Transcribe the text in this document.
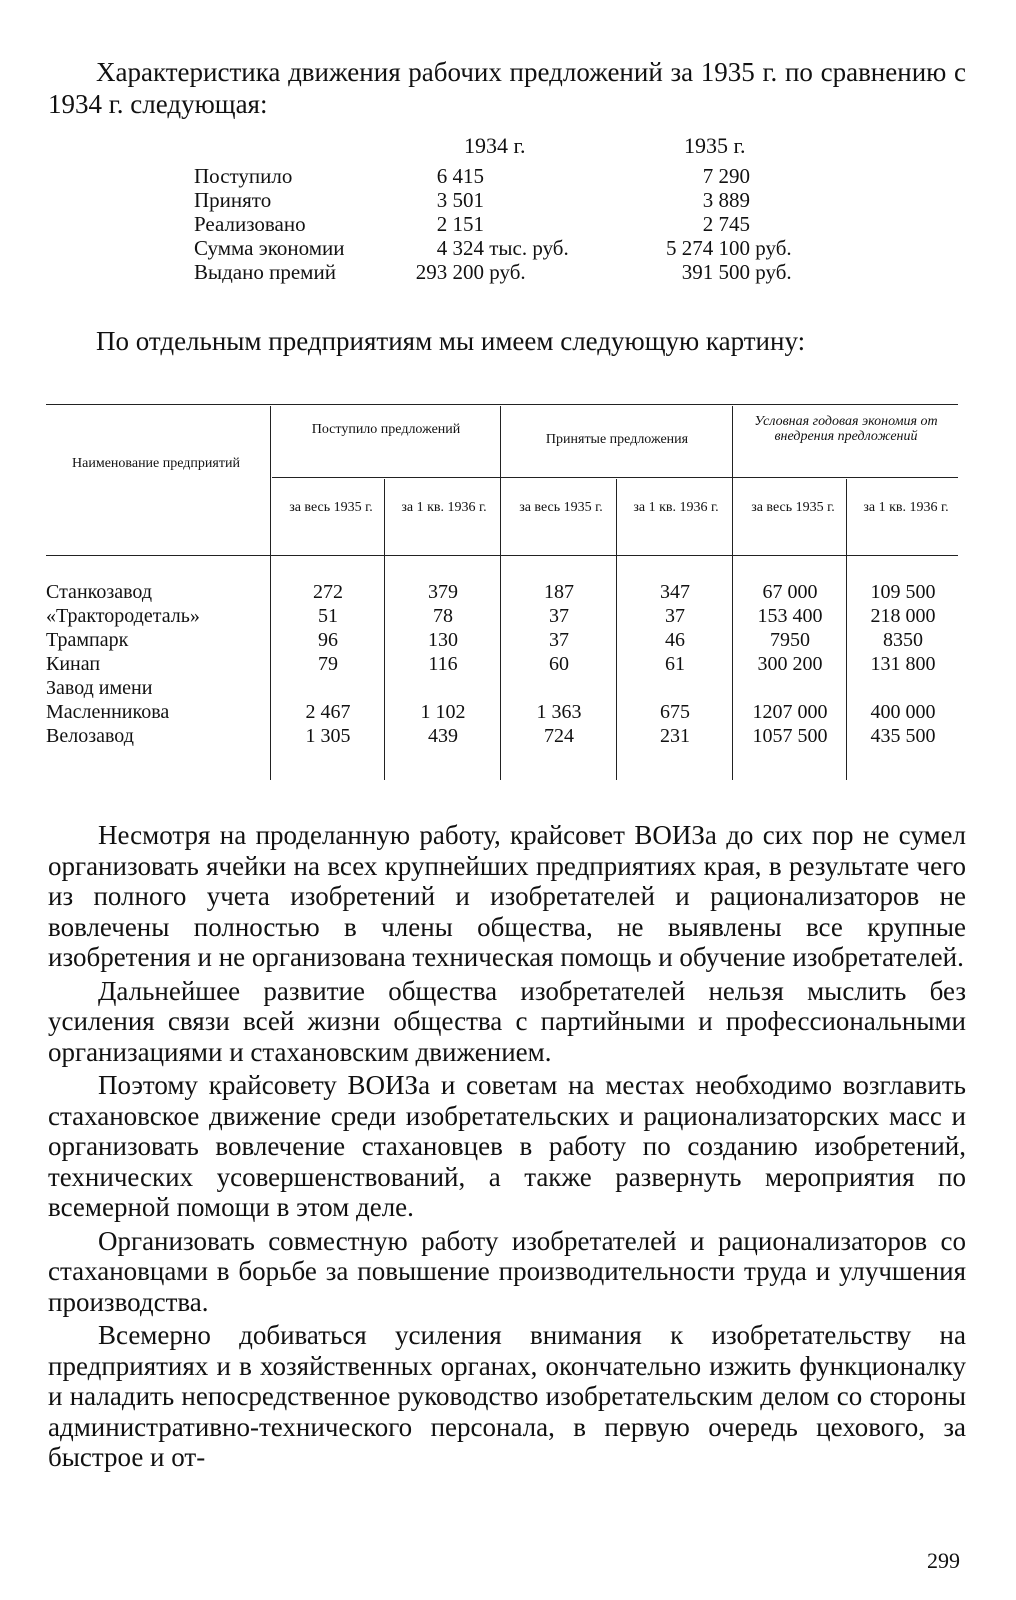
Характеристика движения рабочих предложений за 1935 г. по сравнению с 1934 г. следующая:

1934 г.	1935 г.
Поступило	6 415	7 290
Принято	3 501	3 889
Реализовано	2 151	2 745
Сумма экономии	4 324 тыс. руб.	5 274 100 руб.
Выдано премий	293 200 руб.	391 500 руб.

По отдельным предприятиям мы имеем следующую картину:

Наименование предприятий
Поступило предложений
Принятые предложения
Условная годовая экономия от внедрения предложений
за весь 1935 г.	за 1 кв. 1936 г.	за весь 1935 г.	за 1 кв. 1936 г.	за весь 1935 г.	за 1 кв. 1936 г.
Станкозавод	272	379	187	347	67 000	109 500
«Трактородеталь»	51	78	37	37	153 400	218 000
Трампарк	96	130	37	46	7950	8350
Кинап	79	116	60	61	300 200	131 800
Завод имени Масленникова	2 467	1 102	1 363	675	1207 000	400 000
Велозавод	1 305	439	724	231	1057 500	435 500

Несмотря на проделанную работу, крайсовет ВОИЗа до сих пор не сумел организовать ячейки на всех крупнейших предприятиях края, в результате чего из полного учета изобретений и изобретателей и рационализаторов не вовлечены полностью в члены общества, не выявлены все крупные изобретения и не организована техническая помощь и обучение изобретателей.

Дальнейшее развитие общества изобретателей нельзя мыслить без усиления связи всей жизни общества с партийными и профессиональными организациями и стахановским движением.

Поэтому крайсовету ВОИЗа и советам на местах необходимо возглавить стахановское движение среди изобретательских и рационализаторских масс и организовать вовлечение стахановцев в работу по созданию изобретений, технических усовершенствований, а также развернуть мероприятия по всемерной помощи в этом деле.

Организовать совместную работу изобретателей и рационализаторов со стахановцами в борьбе за повышение производительности труда и улучшения производства.

Всемерно добиваться усиления внимания к изобретательству на предприятиях и в хозяйственных органах, окончательно изжить функционалку и наладить непосредственное руководство изобретательским делом со стороны административно-технического персонала, в первую очередь цехового, за быстрое и от-

299
